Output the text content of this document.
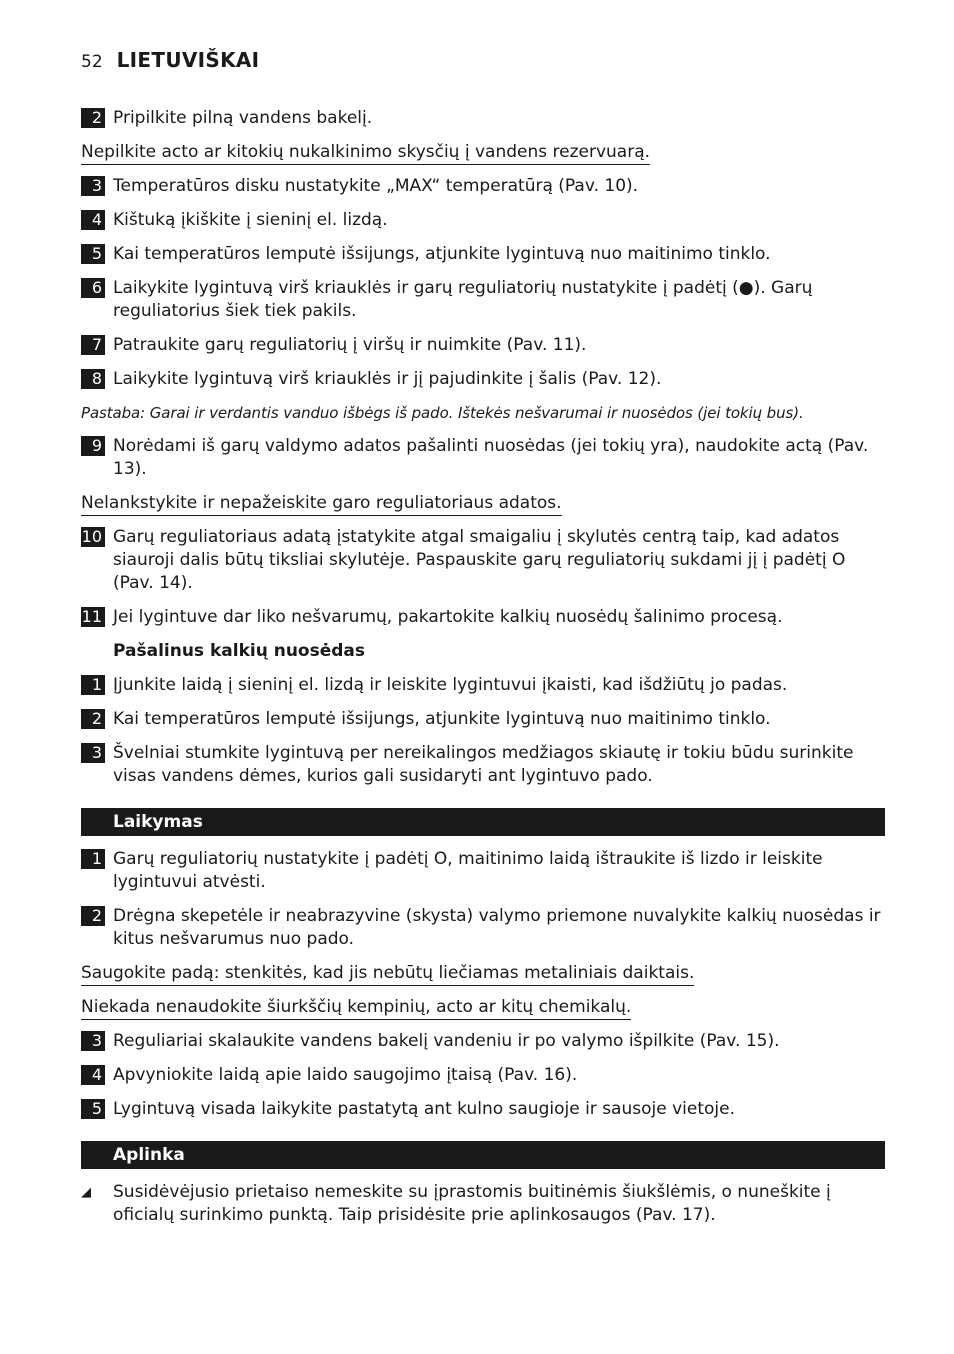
52 LIETUVIŠKAI
2 Pripilkite pilną vandens bakelį.
Nepilkite acto ar kitokių nukalkinimo skysčių į vandens rezervuarą.
3 Temperatūros disku nustatykite „MAX“ temperatūrą (Pav. 10).
4 Kištuką įkiškite į sieninį el. lizdą.
5 Kai temperatūros lemputė išsijungs, atjunkite lygintuvą nuo maitinimo tinklo.
6 Laikykite lygintuvą virš kriauklės ir garų reguliatorių nustatykite į padėtį (●). Garų reguliatorius šiek tiek pakils.
7 Patraukite garų reguliatorių į viršų ir nuimkite (Pav. 11).
8 Laikykite lygintuvą virš kriauklės ir jį pajudinkite į šalis (Pav. 12).
Pastaba: Garai ir verdantis vanduo išbėgs iš pado. Ištekės nešvarumai ir nuosėdos (jei tokių bus).
9 Norėdami iš garų valdymo adatos pašalinti nuosėdas (jei tokių yra), naudokite actą (Pav. 13).
Nelankstykite ir nepažeiskite garo reguliatoriaus adatos.
10 Garų reguliatoriaus adatą įstatykite atgal smaigaliu į skylutės centrą taip, kad adatos siauroji dalis būtų tiksliai skylutėje. Paspauskite garų reguliatorių sukdami jį į padėtį O (Pav. 14).
11 Jei lygintuve dar liko nešvarumų, pakartokite kalkių nuosėdų šalinimo procesą.
Pašalinus kalkių nuosėdas
1 Įjunkite laidą į sieninį el. lizdą ir leiskite lygintuvui įkaisti, kad išdžiūtų jo padas.
2 Kai temperatūros lemputė išsijungs, atjunkite lygintuvą nuo maitinimo tinklo.
3 Švelniai stumkite lygintuvą per nereikalingos medžiagos skiautę ir tokiu būdu surinkite visas vandens dėmes, kurios gali susidaryti ant lygintuvo pado.
Laikymas
1 Garų reguliatorių nustatykite į padėtį O, maitinimo laidą ištraukite iš lizdo ir leiskite lygintuvui atvėsti.
2 Drėgna skepetėle ir neabrazyvine (skysta) valymo priemone nuvalykite kalkių nuosėdas ir kitus nešvarumus nuo pado.
Saugokite padą: stenkitės, kad jis nebūtų liečiamas metaliniais daiktais.
Niekada nenaudokite šiurkščių kempinių, acto ar kitų chemikalų.
3 Reguliariai skalaukite vandens bakelį vandeniu ir po valymo išpilkite (Pav. 15).
4 Apvyniokite laidą apie laido saugojimo įtaisą (Pav. 16).
5 Lygintuvą visada laikykite pastatytą ant kulno saugioje ir sausoje vietoje.
Aplinka
◢	Susidėvėjusio prietaiso nemeskite su įprastomis buitinėmis šiukšlėmis, o nuneškite į oficialų surinkimo punktą. Taip prisidėsite prie aplinkosaugos (Pav. 17).
